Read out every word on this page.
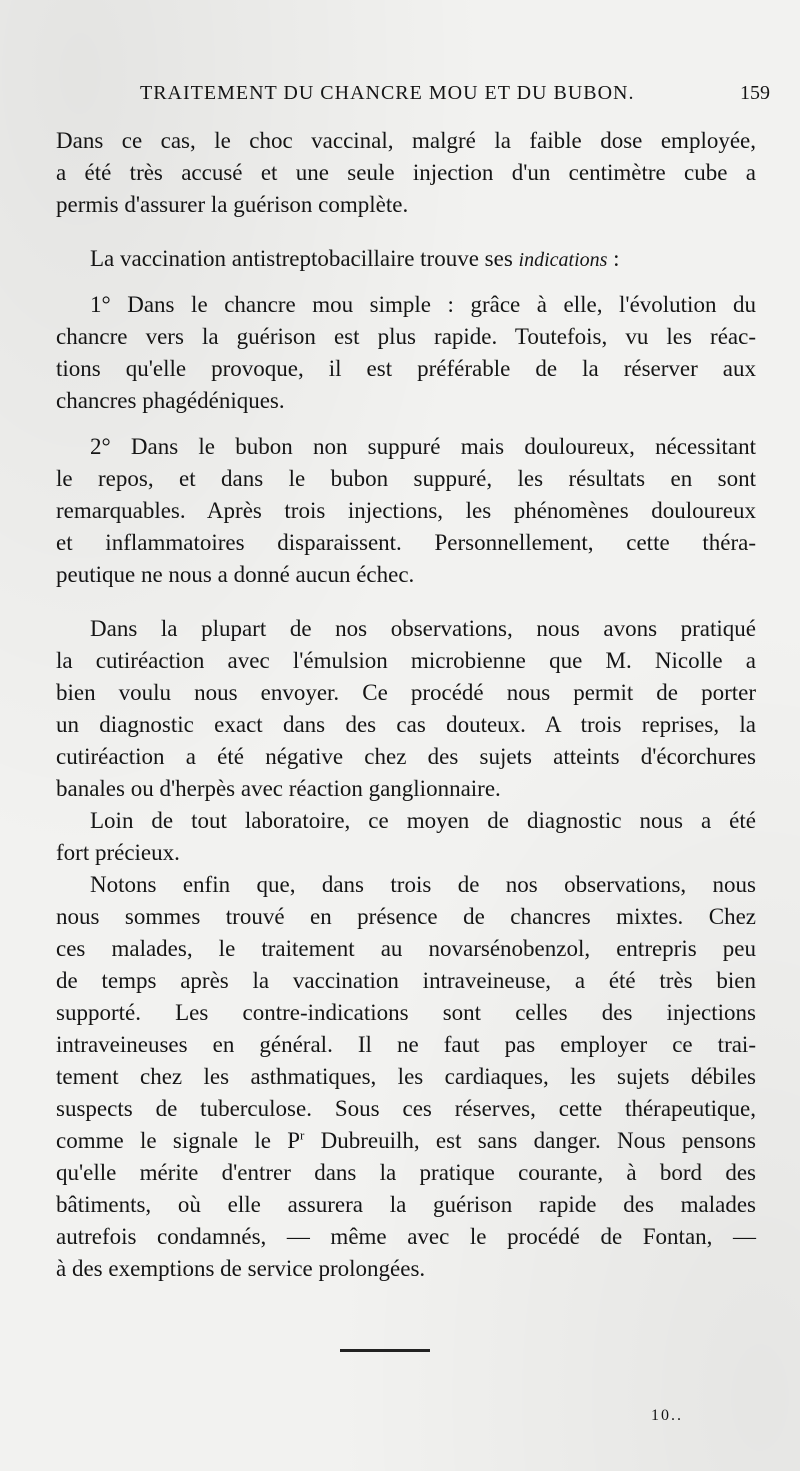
TRAITEMENT DU CHANCRE MOU ET DU BUBON.	159
Dans ce cas, le choc vaccinal, malgré la faible dose employée,
a été très accusé et une seule injection d'un centimètre cube a
permis d'assurer la guérison complète.
La vaccination antistreptobacillaire trouve ses indications :
1° Dans le chancre mou simple : grâce à elle, l'évolution du
chancre vers la guérison est plus rapide. Toutefois, vu les réac-
tions qu'elle provoque, il est préférable de la réserver aux
chancres phagédéniques.
2° Dans le bubon non suppuré mais douloureux, nécessitant
le repos, et dans le bubon suppuré, les résultats en sont
remarquables. Après trois injections, les phénomènes douloureux
et inflammatoires disparaissent. Personnellement, cette théra-
peutique ne nous a donné aucun échec.
Dans la plupart de nos observations, nous avons pratiqué
la cutiréaction avec l'émulsion microbienne que M. Nicolle a
bien voulu nous envoyer. Ce procédé nous permit de porter
un diagnostic exact dans des cas douteux. A trois reprises, la
cutiréaction a été négative chez des sujets atteints d'écorchures
banales ou d'herpès avec réaction ganglionnaire.
Loin de tout laboratoire, ce moyen de diagnostic nous a été
fort précieux.
Notons enfin que, dans trois de nos observations, nous
nous sommes trouvé en présence de chancres mixtes. Chez
ces malades, le traitement au novarsénobenzol, entrepris peu
de temps après la vaccination intraveineuse, a été très bien
supporté. Les contre-indications sont celles des injections
intraveineuses en général. Il ne faut pas employer ce trai-
tement chez les asthmatiques, les cardiaques, les sujets débiles
suspects de tuberculose. Sous ces réserves, cette thérapeutique,
comme le signale le $P^r$ Dubreuilh, est sans danger. Nous pensons
qu'elle mérite d'entrer dans la pratique courante, à bord des
bâtiments, où elle assurera la guérison rapide des malades
autrefois condamnés, — même avec le procédé de Fontan, —
à des exemptions de service prolongées.
10..
